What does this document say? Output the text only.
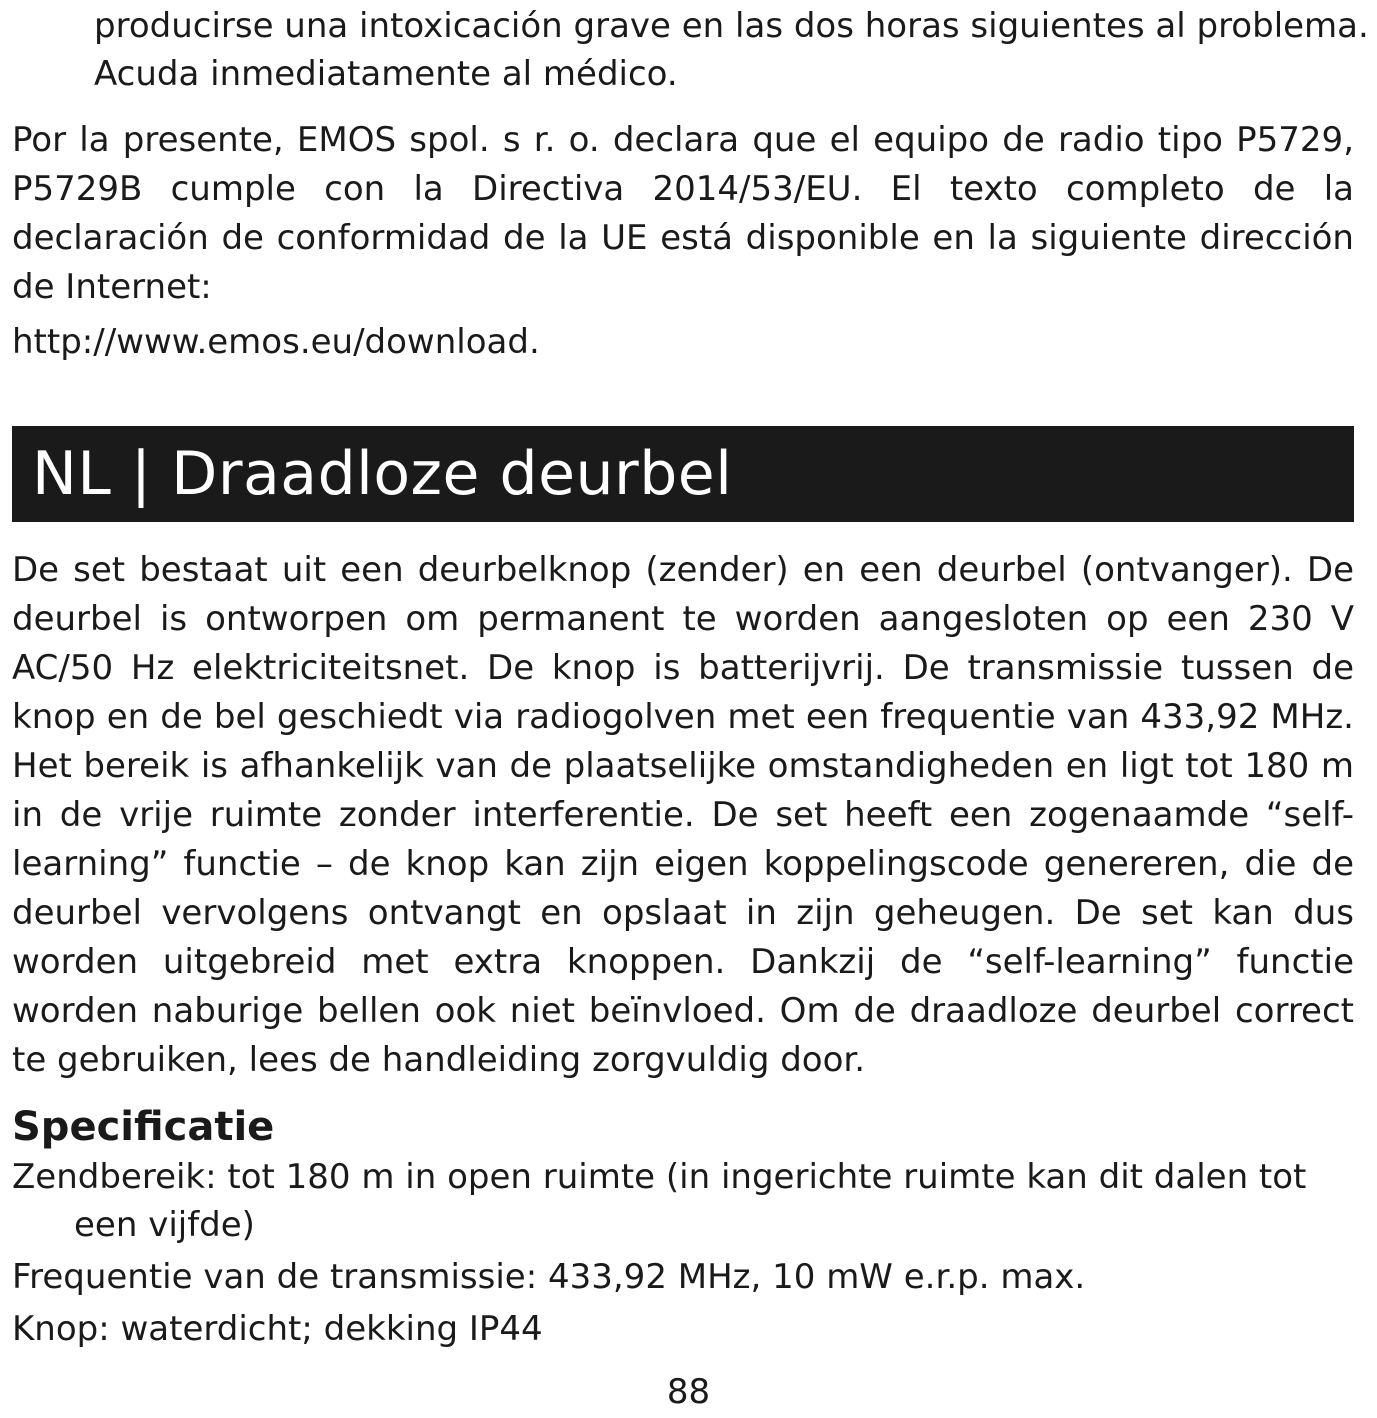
producirse una intoxicación grave en las dos horas siguientes al problema.
Acuda inmediatamente al médico.

Por la presente, EMOS spol. s r. o. declara que el equipo de radio tipo P5729, P5729B cumple con la Directiva 2014/53/EU. El texto completo de la declaración de conformidad de la UE está disponible en la siguiente dirección de Internet:

http://www.emos.eu/download.
NL | Draadloze deurbel

De set bestaat uit een deurbelknop (zender) en een deurbel (ontvanger). De deurbel is ontworpen om permanent te worden aangesloten op een 230 V AC/50 Hz elektriciteitsnet. De knop is batterijvrij. De transmissie tussen de knop en de bel geschiedt via radiogolven met een frequentie van 433,92 MHz. Het bereik is afhankelijk van de plaatselijke omstandigheden en ligt tot 180 m in de vrije ruimte zonder interferentie. De set heeft een zogenaamde “self-learning” functie – de knop kan zijn eigen koppelingscode genereren, die de deurbel vervolgens ontvangt en opslaat in zijn geheugen. De set kan dus worden uitgebreid met extra knoppen. Dankzij de “self-learning” functie worden naburige bellen ook niet beïnvloed. Om de draadloze deurbel correct te gebruiken, lees de handleiding zorgvuldig door.

Specificatie
Zendbereik: tot 180 m in open ruimte (in ingerichte ruimte kan dit dalen tot een vijfde)
Frequentie van de transmissie: 433,92 MHz, 10 mW e.r.p. max.
Knop: waterdicht; dekking IP44
88
